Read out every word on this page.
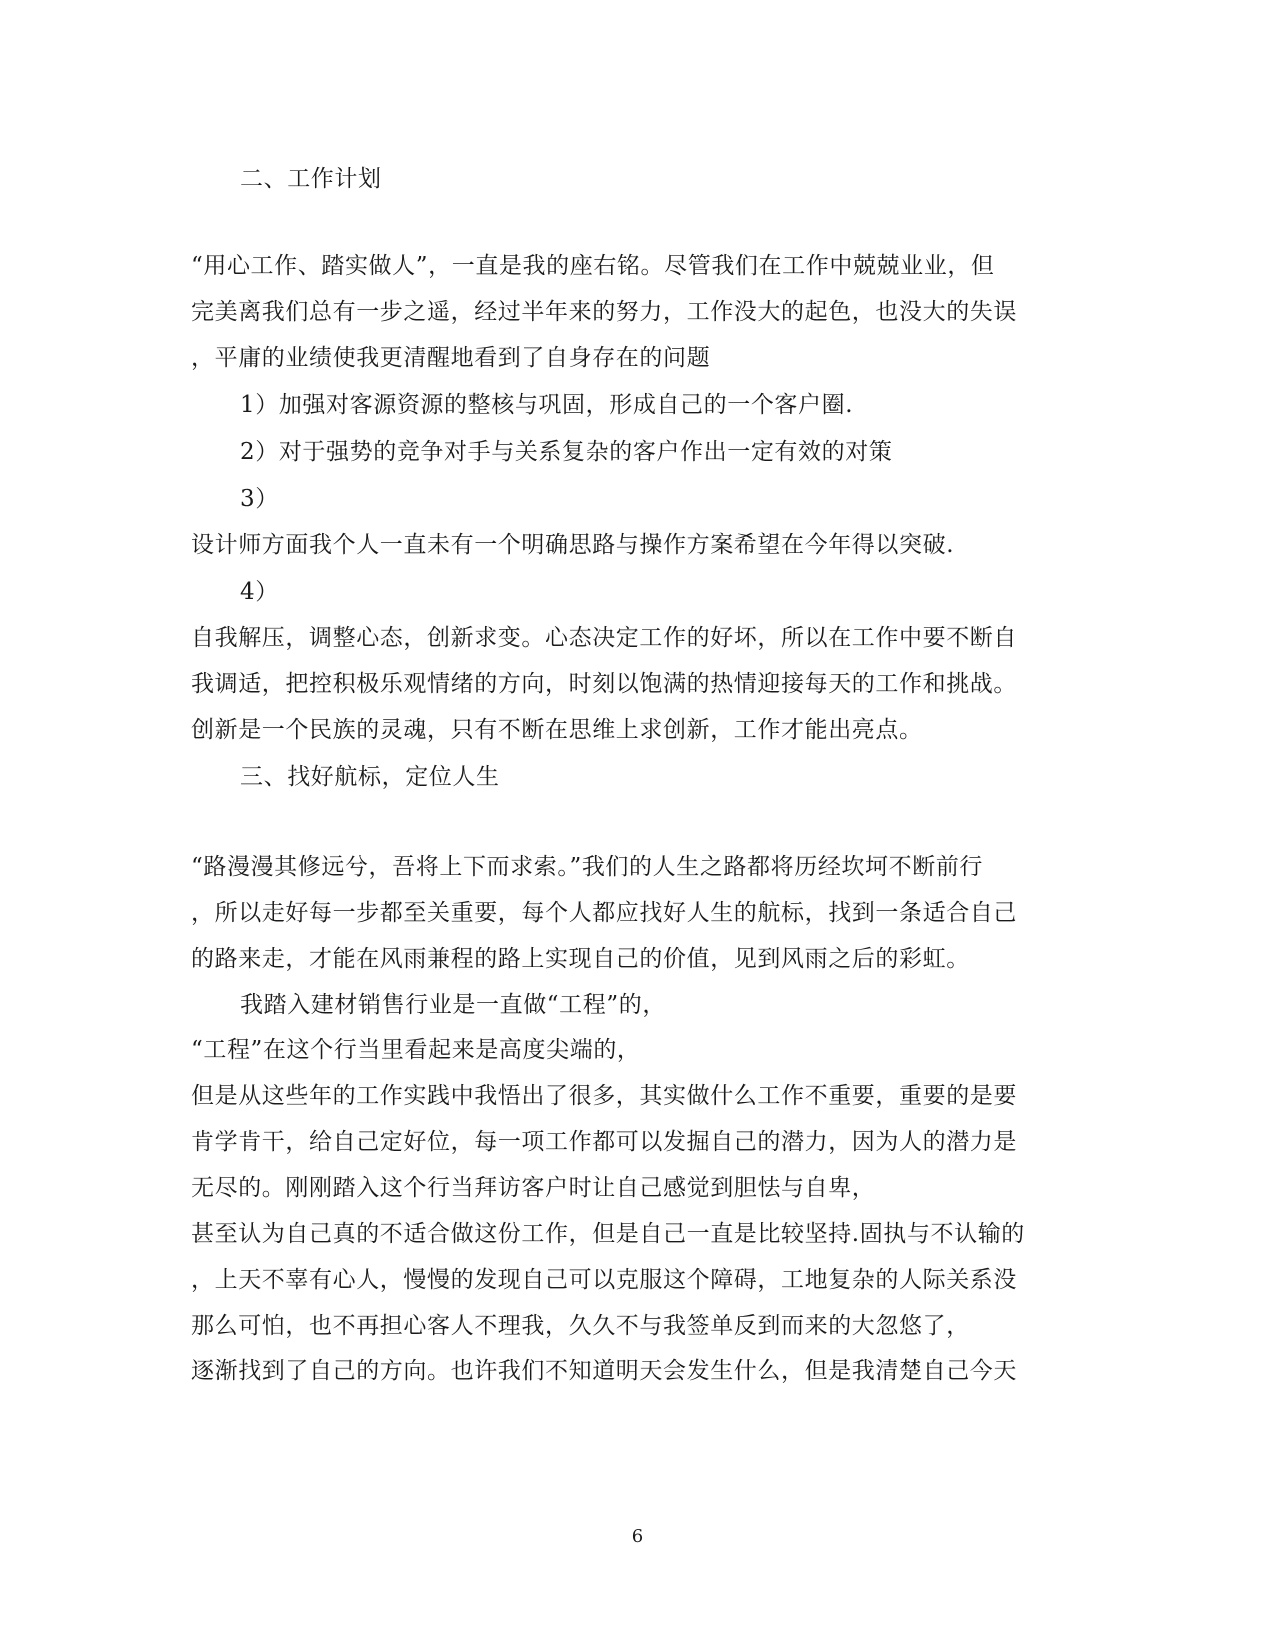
二、工作计划
“用心工作、踏实做人”，一直是我的座右铭。尽管我们在工作中兢兢业业，但
完美离我们总有一步之遥，经过半年来的努力，工作没大的起色，也没大的失误
，平庸的业绩使我更清醒地看到了自身存在的问题
1）加强对客源资源的整核与巩固，形成自己的一个客户圈.
2）对于强势的竞争对手与关系复杂的客户作出一定有效的对策
3）
设计师方面我个人一直未有一个明确思路与操作方案希望在今年得以突破.
4）
自我解压，调整心态，创新求变。心态决定工作的好坏，所以在工作中要不断自
我调适，把控积极乐观情绪的方向，时刻以饱满的热情迎接每天的工作和挑战。
创新是一个民族的灵魂，只有不断在思维上求创新，工作才能出亮点。
三、找好航标，定位人生
“路漫漫其修远兮，吾将上下而求索。”我们的人生之路都将历经坎坷不断前行
，所以走好每一步都至关重要，每个人都应找好人生的航标，找到一条适合自己
的路来走，才能在风雨兼程的路上实现自己的价值，见到风雨之后的彩虹。
我踏入建材销售行业是一直做“工程”的，
“工程”在这个行当里看起来是高度尖端的，
但是从这些年的工作实践中我悟出了很多，其实做什么工作不重要，重要的是要
肯学肯干，给自己定好位，每一项工作都可以发掘自己的潜力，因为人的潜力是
无尽的。刚刚踏入这个行当拜访客户时让自己感觉到胆怯与自卑，
甚至认为自己真的不适合做这份工作，但是自己一直是比较坚持.固执与不认输的
，上天不辜有心人，慢慢的发现自己可以克服这个障碍，工地复杂的人际关系没
那么可怕，也不再担心客人不理我，久久不与我签单反到而来的大忽悠了，
逐渐找到了自己的方向。也许我们不知道明天会发生什么，但是我清楚自己今天
6
